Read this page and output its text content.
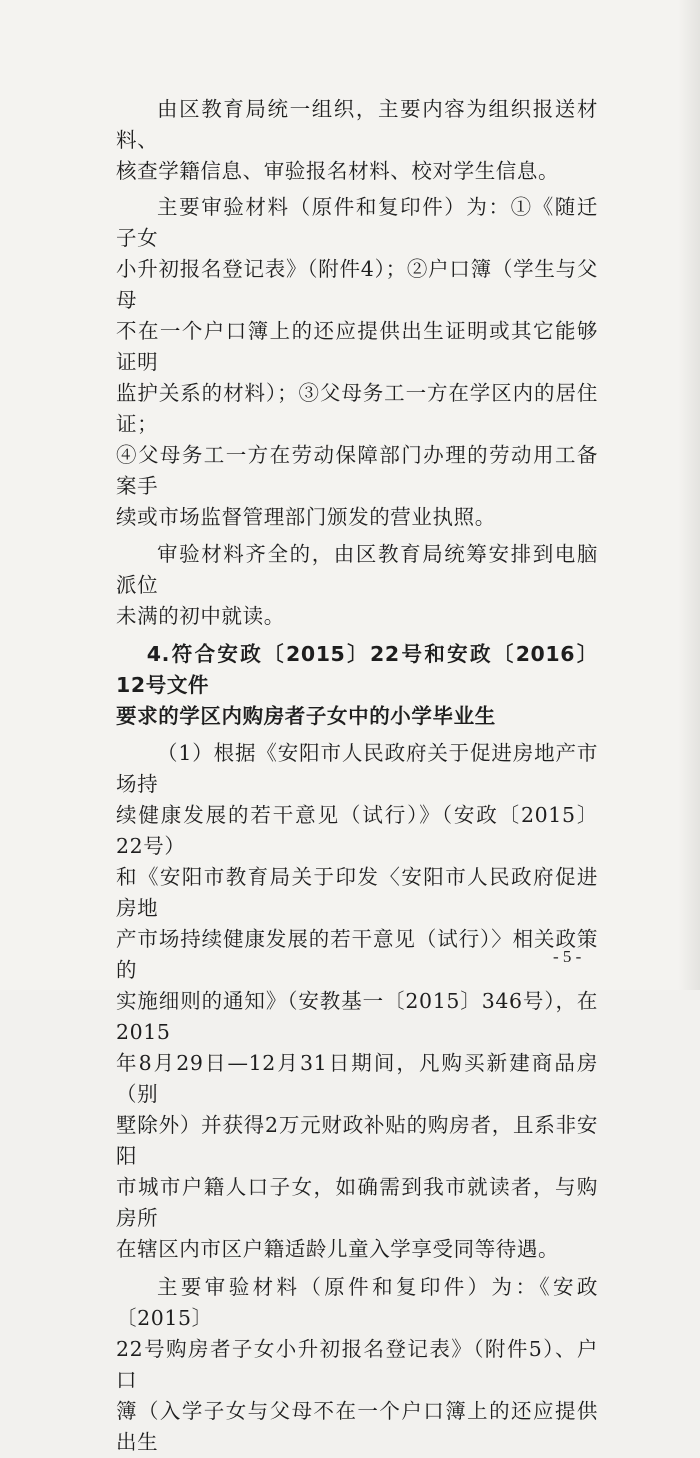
由区教育局统一组织，主要内容为组织报送材料、
核查学籍信息、审验报名材料、校对学生信息。

主要审验材料（原件和复印件）为：①《随迁子女
小升初报名登记表》（附件4）；②户口簿（学生与父母
不在一个户口簿上的还应提供出生证明或其它能够证明
监护关系的材料）；③父母务工一方在学区内的居住证；
④父母务工一方在劳动保障部门办理的劳动用工备案手
续或市场监督管理部门颁发的营业执照。

审验材料齐全的，由区教育局统筹安排到电脑派位
未满的初中就读。

4.符合安政〔2015〕22号和安政〔2016〕12号文件
要求的学区内购房者子女中的小学毕业生

（1）根据《安阳市人民政府关于促进房地产市场持
续健康发展的若干意见（试行）》（安政〔2015〕22号）
和《安阳市教育局关于印发〈安阳市人民政府促进房地
产市场持续健康发展的若干意见（试行）〉相关政策的
实施细则的通知》（安教基一〔2015〕346号），在2015
年8月29日—12月31日期间，凡购买新建商品房（别
墅除外）并获得2万元财政补贴的购房者，且系非安阳
市城市户籍人口子女，如确需到我市就读者，与购房所
在辖区内市区户籍适龄儿童入学享受同等待遇。

主要审验材料（原件和复印件）为：《安政〔2015〕
22号购房者子女小升初报名登记表》（附件5）、户口
簿（入学子女与父母不在一个户口簿上的还应提供出生

- 5 -
